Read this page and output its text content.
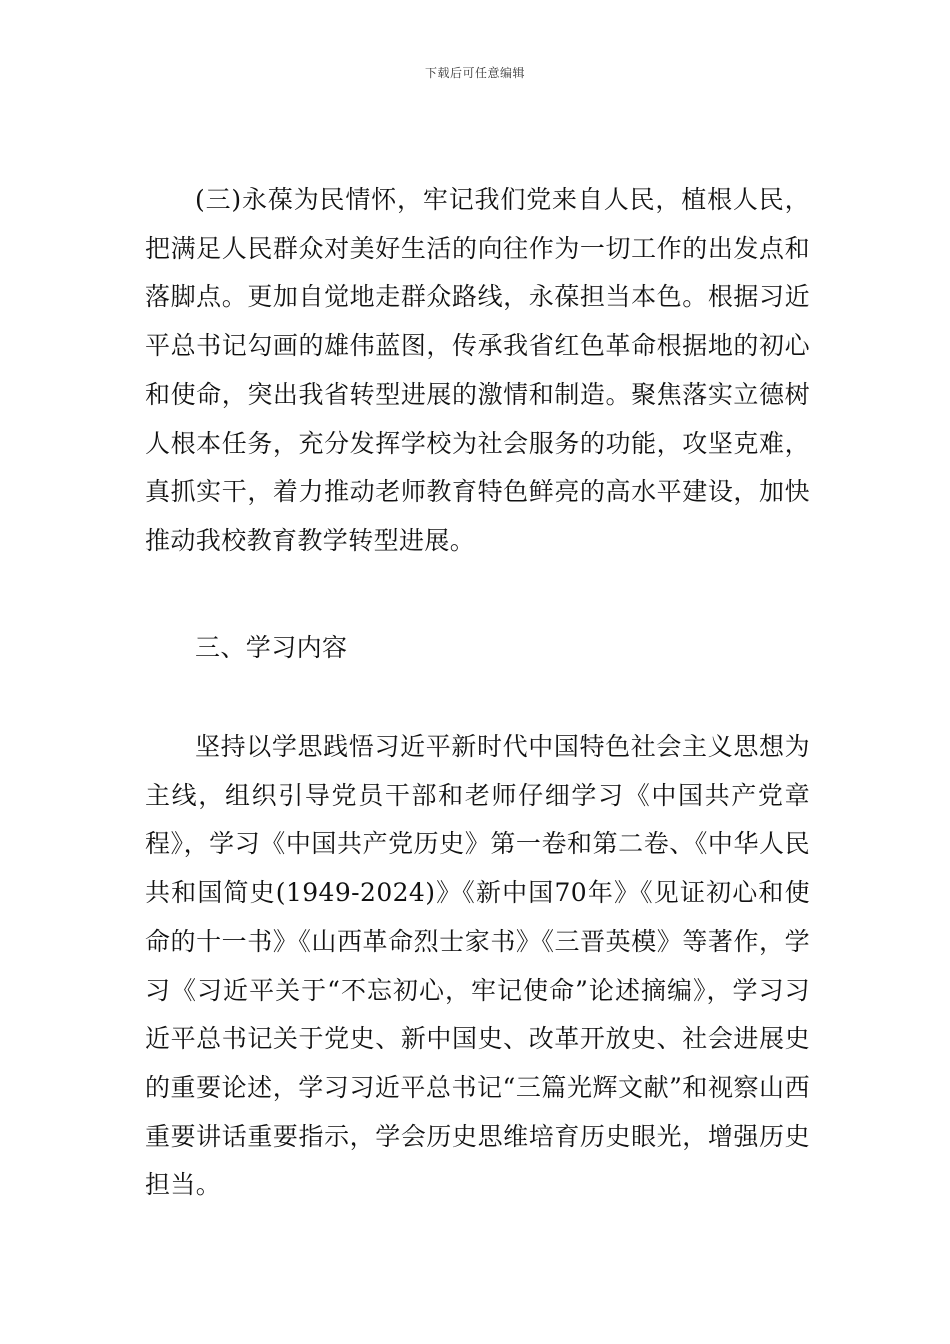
下载后可任意编辑

(三)永葆为民情怀，牢记我们党来自人民，植根人民，把满足人民群众对美好生活的向往作为一切工作的出发点和落脚点。更加自觉地走群众路线，永葆担当本色。根据习近平总书记勾画的雄伟蓝图，传承我省红色革命根据地的初心和使命，突出我省转型进展的激情和制造。聚焦落实立德树人根本任务，充分发挥学校为社会服务的功能，攻坚克难，真抓实干，着力推动老师教育特色鲜亮的高水平建设，加快推动我校教育教学转型进展。

三、学习内容

坚持以学思践悟习近平新时代中国特色社会主义思想为主线，组织引导党员干部和老师仔细学习《中国共产党章程》，学习《中国共产党历史》第一卷和第二卷、《中华人民共和国简史(1949-2024)》《新中国70年》《见证初心和使命的十一书》《山西革命烈士家书》《三晋英模》等著作，学习《习近平关于“不忘初心，牢记使命”论述摘编》，学习习近平总书记关于党史、新中国史、改革开放史、社会进展史的重要论述，学习习近平总书记“三篇光辉文献”和视察山西重要讲话重要指示，学会历史思维培育历史眼光，增强历史担当。
